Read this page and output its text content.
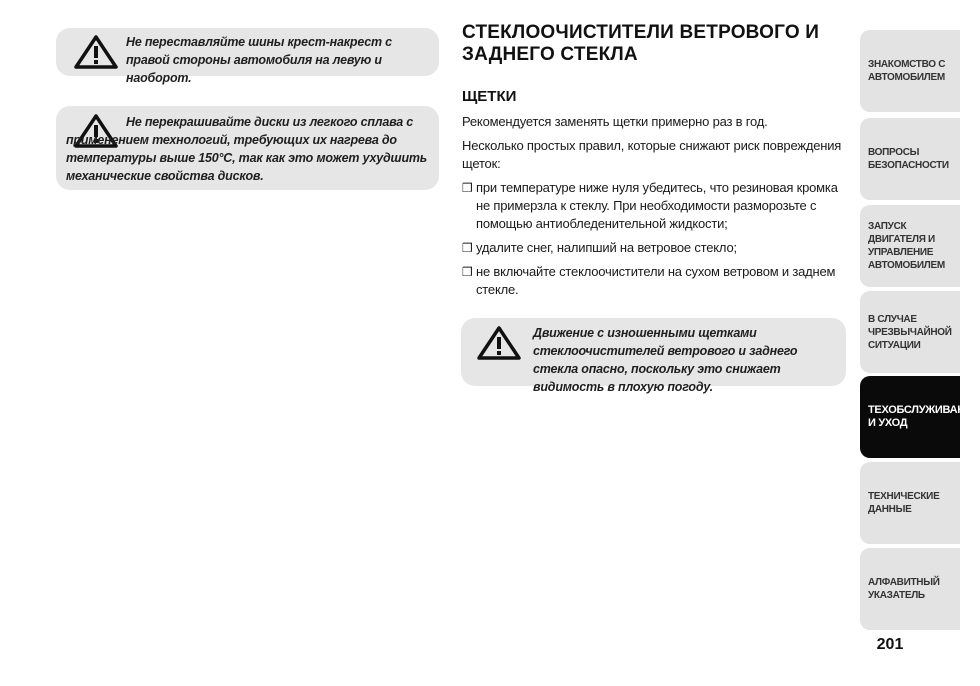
Не переставляйте шины крест-накрест с правой стороны автомобиля на левую и наоборот.
Не перекрашивайте диски из легкого сплава с применением технологий, требующих их нагрева до температуры выше 150°C, так как это может ухудшить механические свойства дисков.
СТЕКЛООЧИСТИТЕЛИ ВЕТРОВОГО И ЗАДНЕГО СТЕКЛА
ЩЕТКИ

Рекомендуется заменять щетки примерно раз в год.

Несколько простых правил, которые снижают риск повреждения щеток:

❒ при температуре ниже нуля убедитесь, что резиновая кромка не примерзла к стеклу. При необходимости разморозьте с помощью антиобледенительной жидкости;
❒ удалите снег, налипший на ветровое стекло;
❒ не включайте стеклоочистители на сухом ветровом и заднем стекле.
Движение с изношенными щетками стеклоочистителей ветрового и заднего стекла опасно, поскольку это снижает видимость в плохую погоду.
ЗНАКОМСТВО С
АВТОМОБИЛЕМ
ВОПРОСЫ
БЕЗОПАСНОСТИ
ЗАПУСК ДВИГАТЕЛЯ И
УПРАВЛЕНИЕ
АВТОМОБИЛЕМ
В СЛУЧАЕ
ЧРЕЗВЫЧАЙНОЙ
СИТУАЦИИ
ТЕХОБСЛУЖИВАНИЕ
И УХОД
ТЕХНИЧЕСКИЕ
ДАННЫЕ
АЛФАВИТНЫЙ
УКАЗАТЕЛЬ
201
